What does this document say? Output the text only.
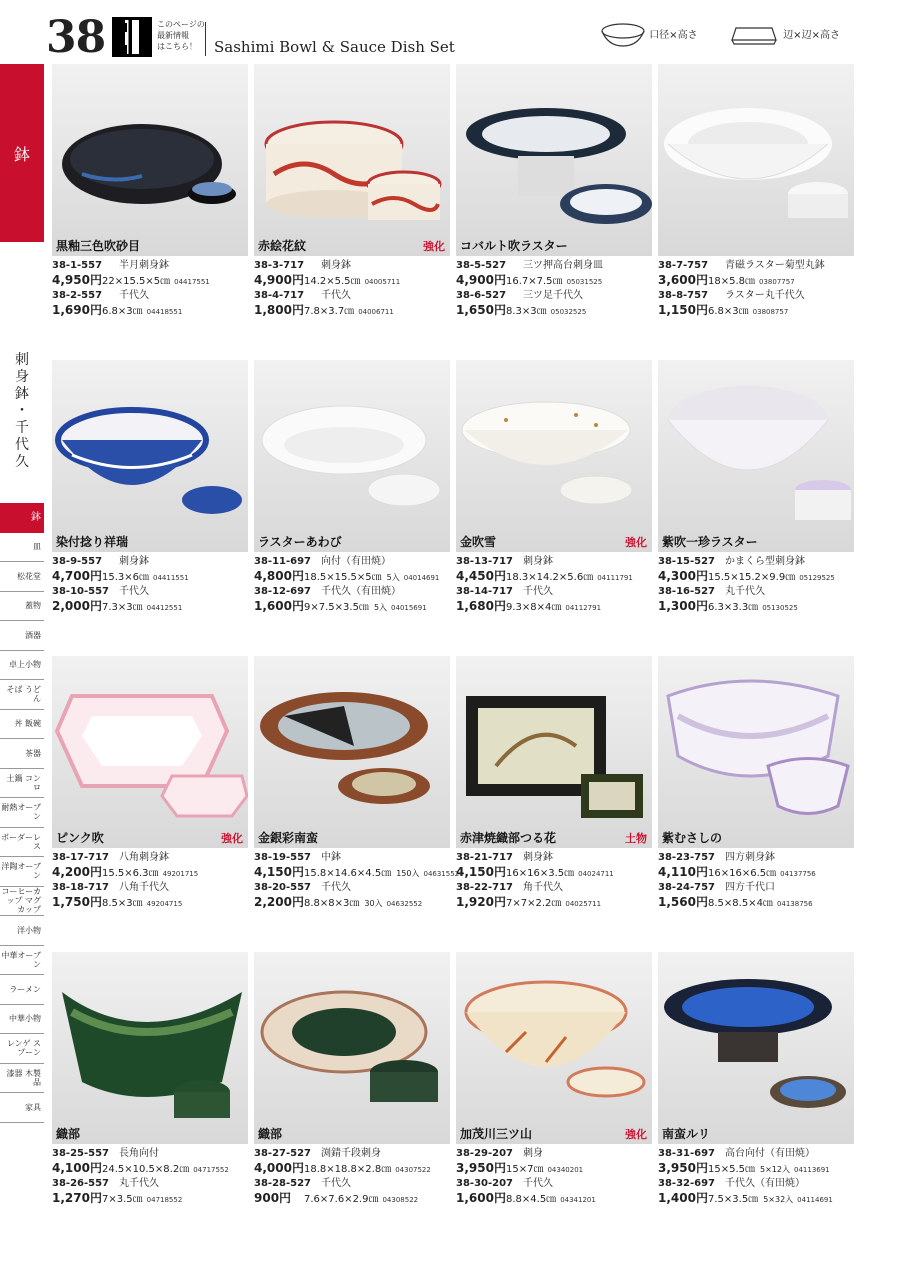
38	このページの
最新情報
はこちら！	Sashimi Bowl & Sauce Dish Set
口径×高さ	辺×辺×高さ
鉢
刺
身
鉢
・
千
代
久
鉢
皿
松花堂
蓋物
酒器
卓上小物
そば うどん
丼 飯碗
茶器
土鍋 コンロ
耐熱オーブン
ボーダーレス
洋陶オーブン
コーヒーカップ マグカップ
洋小物
中華オーブン
ラーメン
中華小物
レンゲ スプーン
漆器 木製品
家具
黒釉三色吹砂目
38-1-557 半月刺身鉢
4,950円22×15.5×5㎝ 04417551
38-2-557 千代久
1,690円6.8×3㎝ 04418551
赤絵花紋	強化
38-3-717 刺身鉢
4,900円14.2×5.5㎝ 04005711
38-4-717 千代久
1,800円7.8×3.7㎝ 04006711
コバルト吹ラスター
38-5-527 三ツ押高台刺身皿
4,900円16.7×7.5㎝ 05031525
38-6-527 三ツ足千代久
1,650円8.3×3㎝ 05032525
38-7-757 青磁ラスター菊型丸鉢
3,600円18×5.8㎝ 03807757
38-8-757 ラスター丸千代久
1,150円6.8×3㎝ 03808757
染付捻り祥瑞
38-9-557 刺身鉢
4,700円15.3×6㎝ 04411551
38-10-557 千代久
2,000円7.3×3㎝ 04412551
ラスターあわび
38-11-697 向付（有田焼）
4,800円18.5×15.5×5㎝ 5入 04014691
38-12-697 千代久（有田焼）
1,600円9×7.5×3.5㎝ 5入 04015691
金吹雪	強化
38-13-717 刺身鉢
4,450円18.3×14.2×5.6㎝ 04111791
38-14-717 千代久
1,680円9.3×8×4㎝ 04112791
紫吹一珍ラスター
38-15-527 かまくら型刺身鉢
4,300円15.5×15.2×9.9㎝ 05129525
38-16-527 丸千代久
1,300円6.3×3.3㎝ 05130525
ピンク吹	強化
38-17-717 八角刺身鉢
4,200円15.5×6.3㎝ 49201715
38-18-717 八角千代久
1,750円8.5×3㎝ 49204715
金銀彩南蛮
38-19-557 中鉢
4,150円15.8×14.6×4.5㎝ 150入 04631552
38-20-557 千代久
2,200円8.8×8×3㎝ 30入 04632552
赤津焼織部つる花	土物
38-21-717 刺身鉢
4,150円16×16×3.5㎝ 04024711
38-22-717 角千代久
1,920円7×7×2.2㎝ 04025711
紫むさしの
38-23-757 四方刺身鉢
4,110円16×16×6.5㎝ 04137756
38-24-757 四方千代口
1,560円8.5×8.5×4㎝ 04138756
織部
38-25-557 長角向付
4,100円24.5×10.5×8.2㎝ 04717552
38-26-557 丸千代久
1,270円7×3.5㎝ 04718552
織部
38-27-527 渕錆千段刺身
4,000円18.8×18.8×2.8㎝ 04307522
38-28-527 千代久
900円 7.6×7.6×2.9㎝ 04308522
加茂川三ツ山	強化
38-29-207 刺身
3,950円15×7㎝ 04340201
38-30-207 千代久
1,600円8.8×4.5㎝ 04341201
南蛮ルリ
38-31-697 高台向付（有田焼）
3,950円15×5.5㎝ 5×12入 04113691
38-32-697 千代久（有田焼）
1,400円7.5×3.5㎝ 5×32入 04114691
